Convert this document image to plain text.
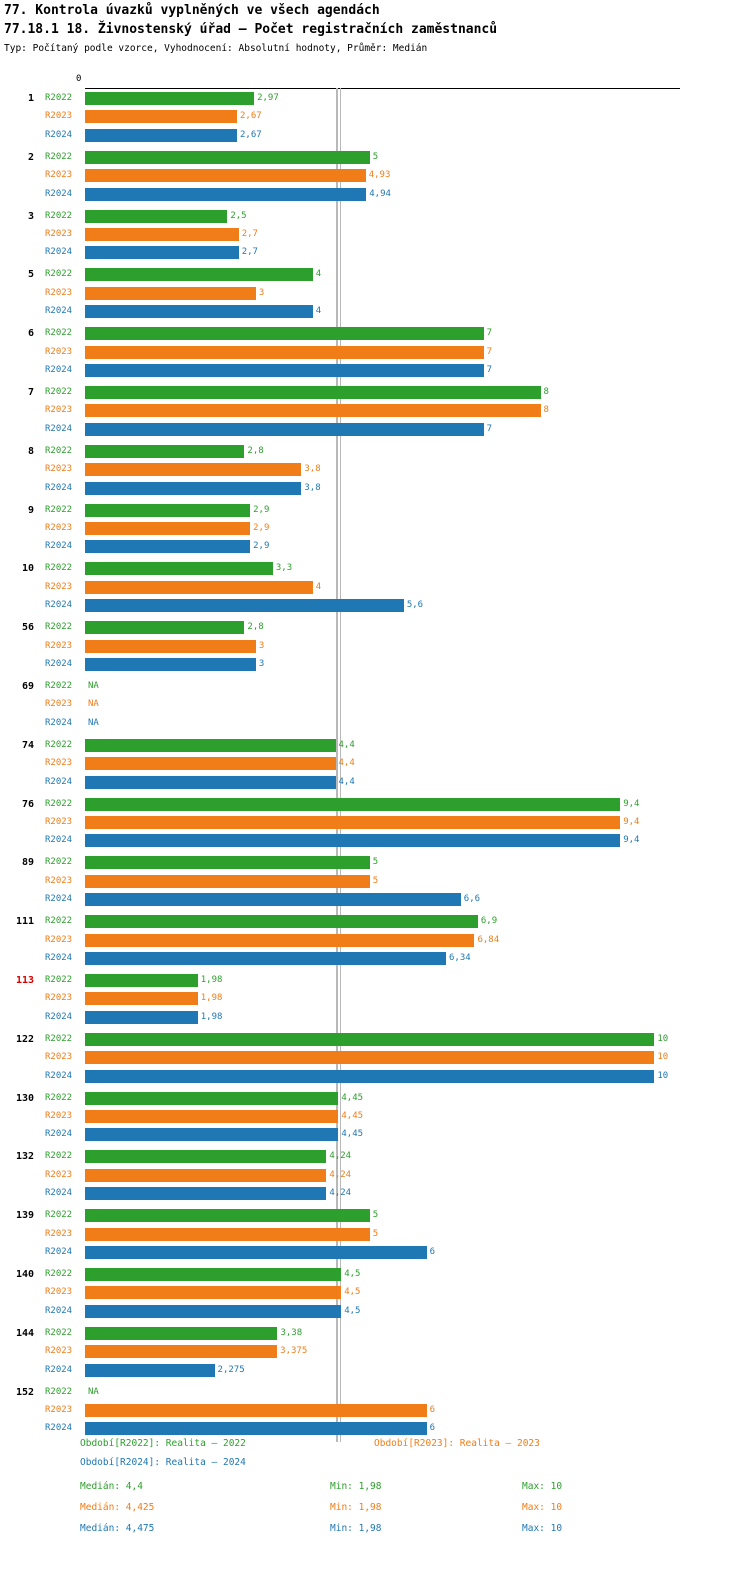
77. Kontrola úvazků vyplněných ve všech agendách
77.18.1 18. Živnostenský úřad – Počet registračních zaměstnanců
Typ: Počítaný podle vzorce, Vyhodnocení: Absolutní hodnoty, Průměr: Medián
0
1 R2022	2,97
R2023	2,67
R2024	2,67
2 R2022	5
R2023	4,93
R2024	4,94
3 R2022	2,5
R2023	2,7
R2024	2,7
5 R2022	4
R2023	3
R2024	4
6 R2022	7
R2023	7
R2024	7
7 R2022	8
R2023	8
R2024	7
8 R2022	2,8
R2023	3,8
R2024	3,8
9 R2022	2,9
R2023	2,9
R2024	2,9
10 R2022	3,3
R2023	4
R2024	5,6
56 R2022	2,8
R2023	3
R2024	3
69 R2022 NA
R2023 NA
R2024 NA
74 R2022	4,4
R2023	4,4
R2024	4,4
76 R2022	9,4
R2023	9,4
R2024	9,4
89 R2022	5
R2023	5
R2024	6,6
111 R2022	6,9
R2023	6,84
R2024	6,34
113 R2022	1,98
R2023	1,98
R2024	1,98
122 R2022	10
R2023	10
R2024	10
130 R2022	4,45
R2023	4,45
R2024	4,45
132 R2022	4,24
R2023	4,24
R2024	4,24
139 R2022	5
R2023	5
R2024	6
140 R2022	4,5
R2023	4,5
R2024	4,5
144 R2022	3,38
R2023	3,375
R2024	2,275
152 R2022 NA
R2023	6
R2024	6
Období[R2022]: Realita – 2022	Období[R2023]: Realita – 2023
Období[R2024]: Realita – 2024
Medián: 4,4	Min: 1,98	Max: 10
Medián: 4,425	Min: 1,98	Max: 10
Medián: 4,475	Min: 1,98	Max: 10
